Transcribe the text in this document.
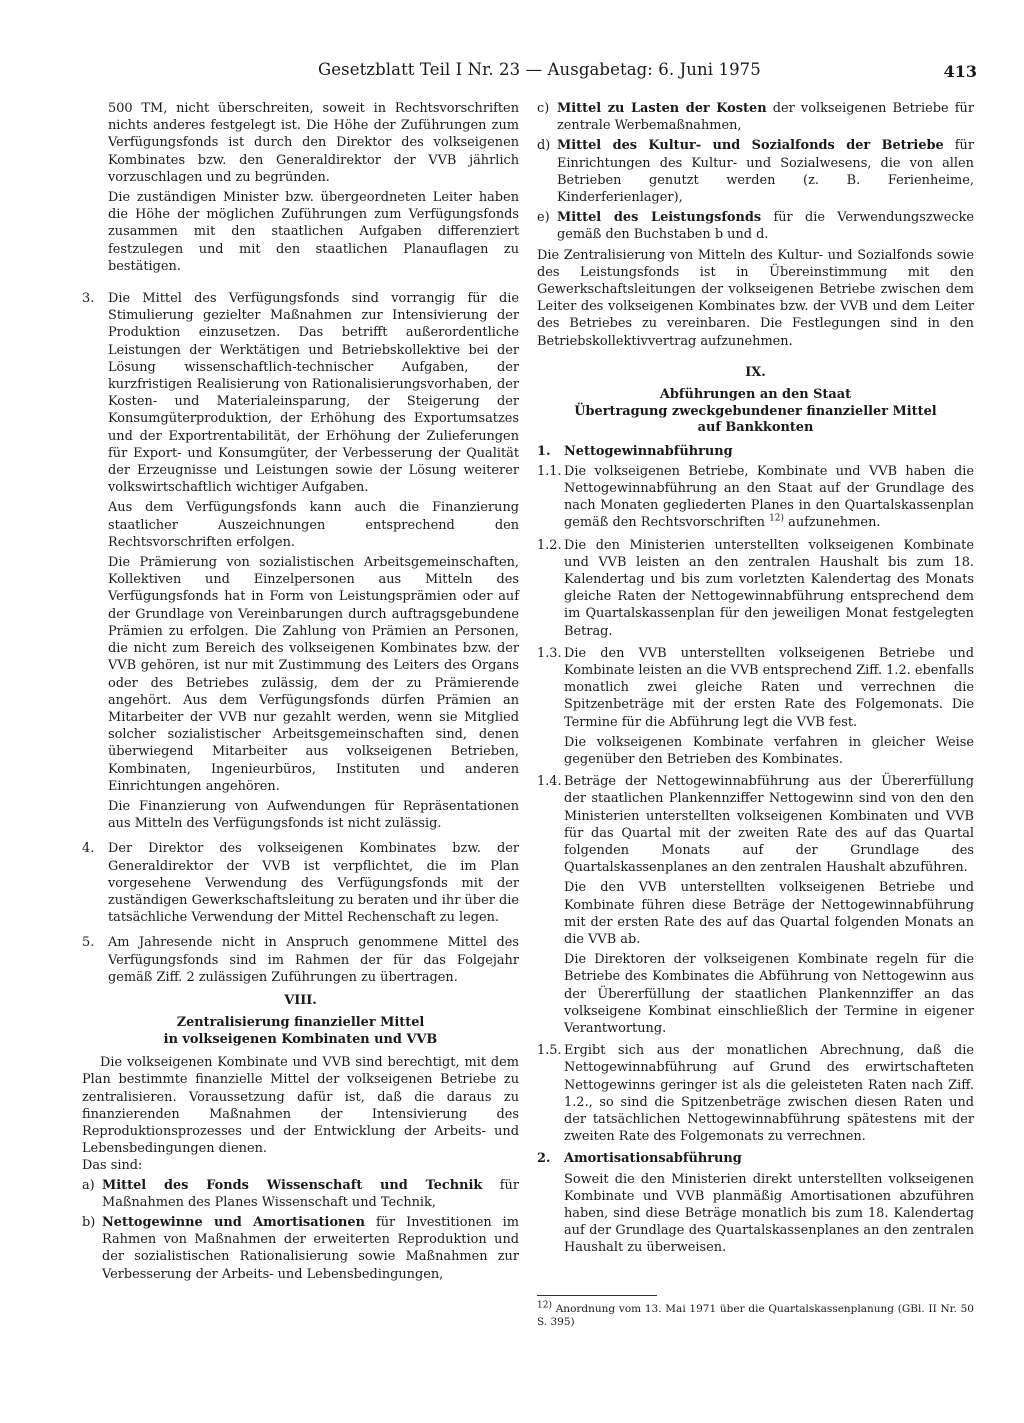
Gesetzblatt Teil I Nr. 23 — Ausgabetag: 6. Juni 1975	413

500 TM, nicht überschreiten, soweit in Rechtsvorschriften nichts anderes festgelegt ist. Die Höhe der Zuführungen zum Verfügungsfonds ist durch den Direktor des volkseigenen Kombinates bzw. den Generaldirektor der VVB jährlich vorzuschlagen und zu begründen.

Die zuständigen Minister bzw. übergeordneten Leiter haben die Höhe der möglichen Zuführungen zum Verfügungsfonds zusammen mit den staatlichen Aufgaben differenziert festzulegen und mit den staatlichen Planauflagen zu bestätigen.

3. Die Mittel des Verfügungsfonds sind vorrangig für die Stimulierung gezielter Maßnahmen zur Intensivierung der Produktion einzusetzen. Das betrifft außerordentliche Leistungen der Werktätigen und Betriebskollektive bei der Lösung wissenschaftlich-technischer Aufgaben, der kurzfristigen Realisierung von Rationalisierungsvorhaben, der Kosten- und Materialeinsparung, der Steigerung der Konsumgüterproduktion, der Erhöhung des Exportumsatzes und der Exportrentabilität, der Erhöhung der Zulieferungen für Export- und Konsumgüter, der Verbesserung der Qualität der Erzeugnisse und Leistungen sowie der Lösung weiterer volkswirtschaftlich wichtiger Aufgaben.

Aus dem Verfügungsfonds kann auch die Finanzierung staatlicher Auszeichnungen entsprechend den Rechtsvorschriften erfolgen.

Die Prämierung von sozialistischen Arbeitsgemeinschaften, Kollektiven und Einzelpersonen aus Mitteln des Verfügungsfonds hat in Form von Leistungsprämien oder auf der Grundlage von Vereinbarungen durch auftragsgebundene Prämien zu erfolgen. Die Zahlung von Prämien an Personen, die nicht zum Bereich des volkseigenen Kombinates bzw. der VVB gehören, ist nur mit Zustimmung des Leiters des Organs oder des Betriebes zulässig, dem der zu Prämierende angehört. Aus dem Verfügungsfonds dürfen Prämien an Mitarbeiter der VVB nur gezahlt werden, wenn sie Mitglied solcher sozialistischer Arbeitsgemeinschaften sind, denen überwiegend Mitarbeiter aus volkseigenen Betrieben, Kombinaten, Ingenieurbüros, Instituten und anderen Einrichtungen angehören.

Die Finanzierung von Aufwendungen für Repräsentationen aus Mitteln des Verfügungsfonds ist nicht zulässig.

4. Der Direktor des volkseigenen Kombinates bzw. der Generaldirektor der VVB ist verpflichtet, die im Plan vorgesehene Verwendung des Verfügungsfonds mit der zuständigen Gewerkschaftsleitung zu beraten und ihr über die tatsächliche Verwendung der Mittel Rechenschaft zu legen.

5. Am Jahresende nicht in Anspruch genommene Mittel des Verfügungsfonds sind im Rahmen der für das Folgejahr gemäß Ziff. 2 zulässigen Zuführungen zu übertragen.

VIII.
Zentralisierung finanzieller Mittel
in volkseigenen Kombinaten und VVB

Die volkseigenen Kombinate und VVB sind berechtigt, mit dem Plan bestimmte finanzielle Mittel der volkseigenen Betriebe zu zentralisieren. Voraussetzung dafür ist, daß die daraus zu finanzierenden Maßnahmen der Intensivierung des Reproduktionsprozesses und der Entwicklung der Arbeits- und Lebensbedingungen dienen.

Das sind:

a) Mittel des Fonds Wissenschaft und Technik für Maßnahmen des Planes Wissenschaft und Technik,

b) Nettogewinne und Amortisationen für Investitionen im Rahmen von Maßnahmen der erweiterten Reproduktion und der sozialistischen Rationalisierung sowie Maßnahmen zur Verbesserung der Arbeits- und Lebensbedingungen,

c) Mittel zu Lasten der Kosten der volkseigenen Betriebe für zentrale Werbemaßnahmen,

d) Mittel des Kultur- und Sozialfonds der Betriebe für Einrichtungen des Kultur- und Sozialwesens, die von allen Betrieben genutzt werden (z. B. Ferienheime, Kinderferienlager),

e) Mittel des Leistungsfonds für die Verwendungszwecke gemäß den Buchstaben b und d.

Die Zentralisierung von Mitteln des Kultur- und Sozialfonds sowie des Leistungsfonds ist in Übereinstimmung mit den Gewerkschaftsleitungen der volkseigenen Betriebe zwischen dem Leiter des volkseigenen Kombinates bzw. der VVB und dem Leiter des Betriebes zu vereinbaren. Die Festlegungen sind in den Betriebskollektivvertrag aufzunehmen.

IX.
Abführungen an den Staat
Übertragung zweckgebundener finanzieller Mittel
auf Bankkonten
1. Nettogewinnabführung
1.1. Die volkseigenen Betriebe, Kombinate und VVB haben die Nettogewinnabführung an den Staat auf der Grundlage des nach Monaten gegliederten Planes in den Quartalskassenplan gemäß den Rechtsvorschriften $^{12)}$ aufzunehmen.

1.2. Die den Ministerien unterstellten volkseigenen Kombinate und VVB leisten an den zentralen Haushalt bis zum 18. Kalendertag und bis zum vorletzten Kalendertag des Monats gleiche Raten der Nettogewinnabführung entsprechend dem im Quartalskassenplan für den jeweiligen Monat festgelegten Betrag.

1.3. Die den VVB unterstellten volkseigenen Betriebe und Kombinate leisten an die VVB entsprechend Ziff. 1.2. ebenfalls monatlich zwei gleiche Raten und verrechnen die Spitzenbeträge mit der ersten Rate des Folgemonats. Die Termine für die Abführung legt die VVB fest.

Die volkseigenen Kombinate verfahren in gleicher Weise gegenüber den Betrieben des Kombinates.

1.4. Beträge der Nettogewinnabführung aus der Übererfüllung der staatlichen Plankennziffer Nettogewinn sind von den den Ministerien unterstellten volkseigenen Kombinaten und VVB für das Quartal mit der zweiten Rate des auf das Quartal folgenden Monats auf der Grundlage des Quartalskassenplanes an den zentralen Haushalt abzuführen.

Die den VVB unterstellten volkseigenen Betriebe und Kombinate führen diese Beträge der Nettogewinnabführung mit der ersten Rate des auf das Quartal folgenden Monats an die VVB ab.

Die Direktoren der volkseigenen Kombinate regeln für die Betriebe des Kombinates die Abführung von Nettogewinn aus der Übererfüllung der staatlichen Plankennziffer an das volkseigene Kombinat einschließlich der Termine in eigener Verantwortung.

1.5. Ergibt sich aus der monatlichen Abrechnung, daß die Nettogewinnabführung auf Grund des erwirtschafteten Nettogewinns geringer ist als die geleisteten Raten nach Ziff. 1.2., so sind die Spitzenbeträge zwischen diesen Raten und der tatsächlichen Nettogewinnabführung spätestens mit der zweiten Rate des Folgemonats zu verrechnen.

2. Amortisationsabführung

Soweit die den Ministerien direkt unterstellten volkseigenen Kombinate und VVB planmäßig Amortisationen abzuführen haben, sind diese Beträge monatlich bis zum 18. Kalendertag auf der Grundlage des Quartalskassenplanes an den zentralen Haushalt zu überweisen.

12) Anordnung vom 13. Mai 1971 über die Quartalskassenplanung (GBl. II Nr. 50 S. 395)
